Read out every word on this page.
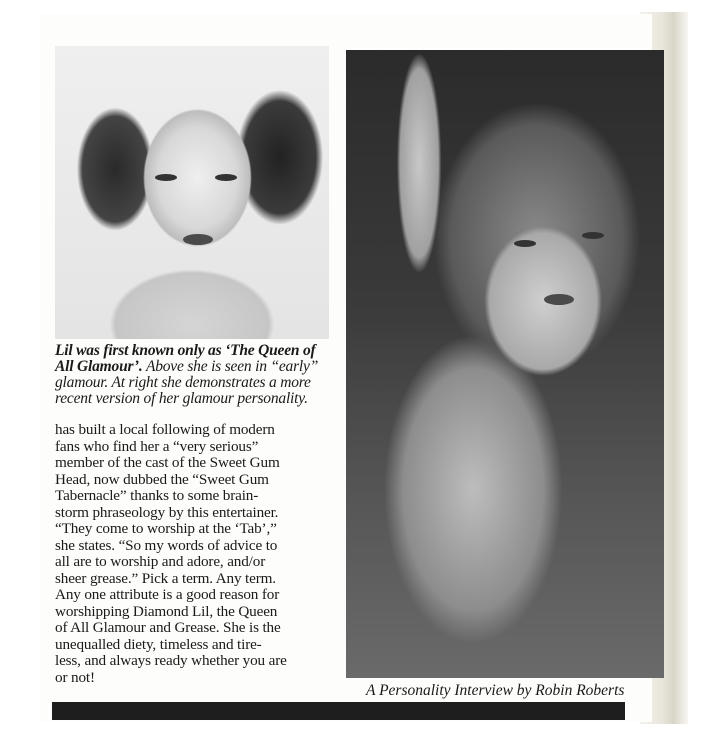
Lil was first known only as ‘The Queen of All Glamour’. Above she is seen in “early” glamour. At right she demonstrates a more recent version of her glamour personality.

has built a local following of modern
fans who find her a “very serious”
member of the cast of the Sweet Gum
Head, now dubbed the “Sweet Gum
Tabernacle” thanks to some brain-
storm phraseology by this entertainer.
“They come to worship at the ‘Tab’,”
she states. “So my words of advice to
all are to worship and adore, and/or
sheer grease.” Pick a term. Any term.
Any one attribute is a good reason for
worshipping Diamond Lil, the Queen
of All Glamour and Grease. She is the
unequalled diety, timeless and tire-
less, and always ready whether you are
or not!
A Personality Interview by Robin Roberts
